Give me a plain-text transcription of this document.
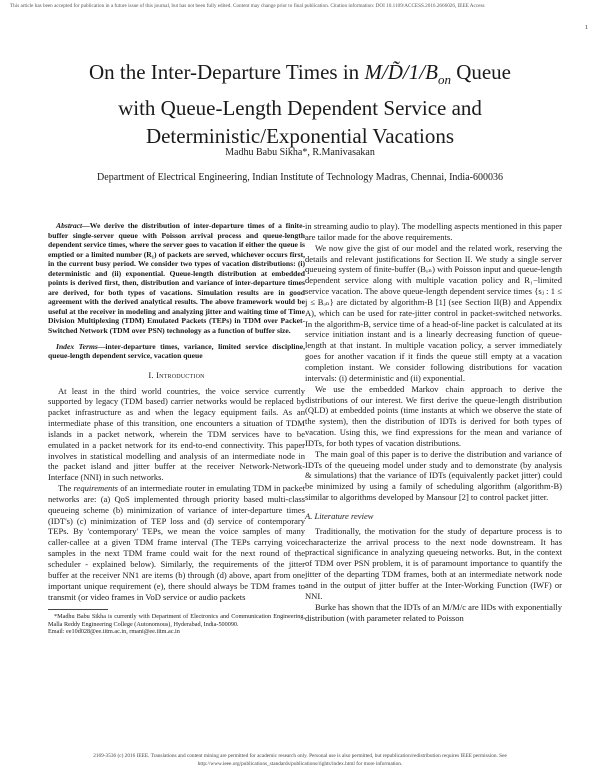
This article has been accepted for publication in a future issue of this journal, but has not been fully edited. Content may change prior to final publication. Citation information: DOI 10.1109/ACCESS.2016.2666026, IEEE Access
1
On the Inter-Departure Times in $M/D̃/1/B_{on}$ Queue
with Queue-Length Dependent Service and
Deterministic/Exponential Vacations
Madhu Babu Sikha*, R.Manivasakan
Department of Electrical Engineering, Indian Institute of Technology Madras, Chennai, India-600036

Abstract—We derive the distribution of inter-departure times of a finite-buffer single-server queue with Poisson arrival process and queue-length dependent service times, where the server goes to vacation if either the queue is emptied or a limited number (R₁) of packets are served, whichever occurs first, in the current busy period. We consider two types of vacation distributions: (i) deterministic and (ii) exponential. Queue-length distribution at embedded points is derived first, then, distribution and variance of inter-departure times are derived, for both types of vacations. Simulation results are in good agreement with the derived analytical results. The above framework would be useful at the receiver in modeling and analyzing jitter and waiting time of Time Division Multiplexing (TDM) Emulated Packets (TEPs) in TDM over Packet-Switched Network (TDM over PSN) technology as a function of buffer size.

Index Terms—inter-departure times, variance, limited service discipline, queue-length dependent service, vacation queue

I. Introduction

At least in the third world countries, the voice service currently supported by legacy (TDM based) carrier networks would be replaced by packet infrastructure as and when the legacy equipment fails. As an intermediate phase of this transition, one encounters a situation of TDM islands in a packet network, wherein the TDM services have to be emulated in a packet network for its end-to-end connectivity. This paper involves in statistical modelling and analysis of an intermediate node in the packet island and jitter buffer at the receiver Network-Network-Interface (NNI) in such networks.

The requirements of an intermediate router in emulating TDM in packet networks are: (a) QoS implemented through priority based multi-class queueing scheme (b) minimization of variance of inter-departure times (IDT's) (c) minimization of TEP loss and (d) service of contemporary TEPs. By 'contemporary' TEPs, we mean the voice samples of many caller-callee at a given TDM frame interval (The TEPs carrying voice samples in the next TDM frame could wait for the next round of the scheduler - explained below). Similarly, the requirements of the jitter buffer at the receiver NN1 are items (b) through (d) above, apart from one important unique requirement (e), there should always be TDM frames to transmit (or video frames in VoD service or audio packets

*Madhu Babu Sikha is currently with Department of Electronics and Communication Engineering, Malla Reddy Engineering College (Autonomous), Hyderabad, India-500090.

Email: ee10d028@ee.iitm.ac.in, rmani@ee.iitm.ac.in

in streaming audio to play). The modelling aspects mentioned in this paper are tailor made for the above requirements.

We now give the gist of our model and the related work, reserving the details and relevant justifications for Section II. We study a single server queueing system of finite-buffer (Bₒₙ) with Poisson input and queue-length dependent service along with multiple vacation policy and R₁−limited service vacation. The above queue-length dependent service times {sⱼ : 1 ≤ j ≤ Bₒₙ} are dictated by algorithm-B [1] (see Section II(B) and Appendix A), which can be used for rate-jitter control in packet-switched networks. In the algorithm-B, service time of a head-of-line packet is calculated at its service initiation instant and is a linearly decreasing function of queue-length at that instant. In multiple vacation policy, a server immediately goes for another vacation if it finds the queue still empty at a vacation completion instant. We consider following distributions for vacation intervals: (i) deterministic and (ii) exponential.

We use the embedded Markov chain approach to derive the distributions of our interest. We first derive the queue-length distribution (QLD) at embedded points (time instants at which we observe the state of the system), then the distribution of IDTs is derived for both types of vacation. Using this, we find expressions for the mean and variance of IDTs, for both types of vacation distributions.

The main goal of this paper is to derive the distribution and variance of IDTs of the queueing model under study and to demonstrate (by analysis & simulations) that the variance of IDTs (equivalently packet jitter) could be minimized by using a family of scheduling algorithm (algorithm-B) similar to algorithms developed by Mansour [2] to control packet jitter.

A. Literature review

Traditionally, the motivation for the study of departure process is to characterize the arrival process to the next node downstream. It has practical significance in analyzing queueing networks. But, in the context of TDM over PSN problem, it is of paramount importance to quantify the jitter of the departing TDM frames, both at an intermediate network node and in the output of jitter buffer at the Inter-Working Function (IWF) or NNI.

Burke has shown that the IDTs of an M/M/c are IIDs with exponentially distribution (with parameter related to Poisson

2169-3536 (c) 2016 IEEE. Translations and content mining are permitted for academic research only. Personal use is also permitted, but republication/redistribution requires IEEE permission. See
http://www.ieee.org/publications_standards/publications/rights/index.html for more information.
